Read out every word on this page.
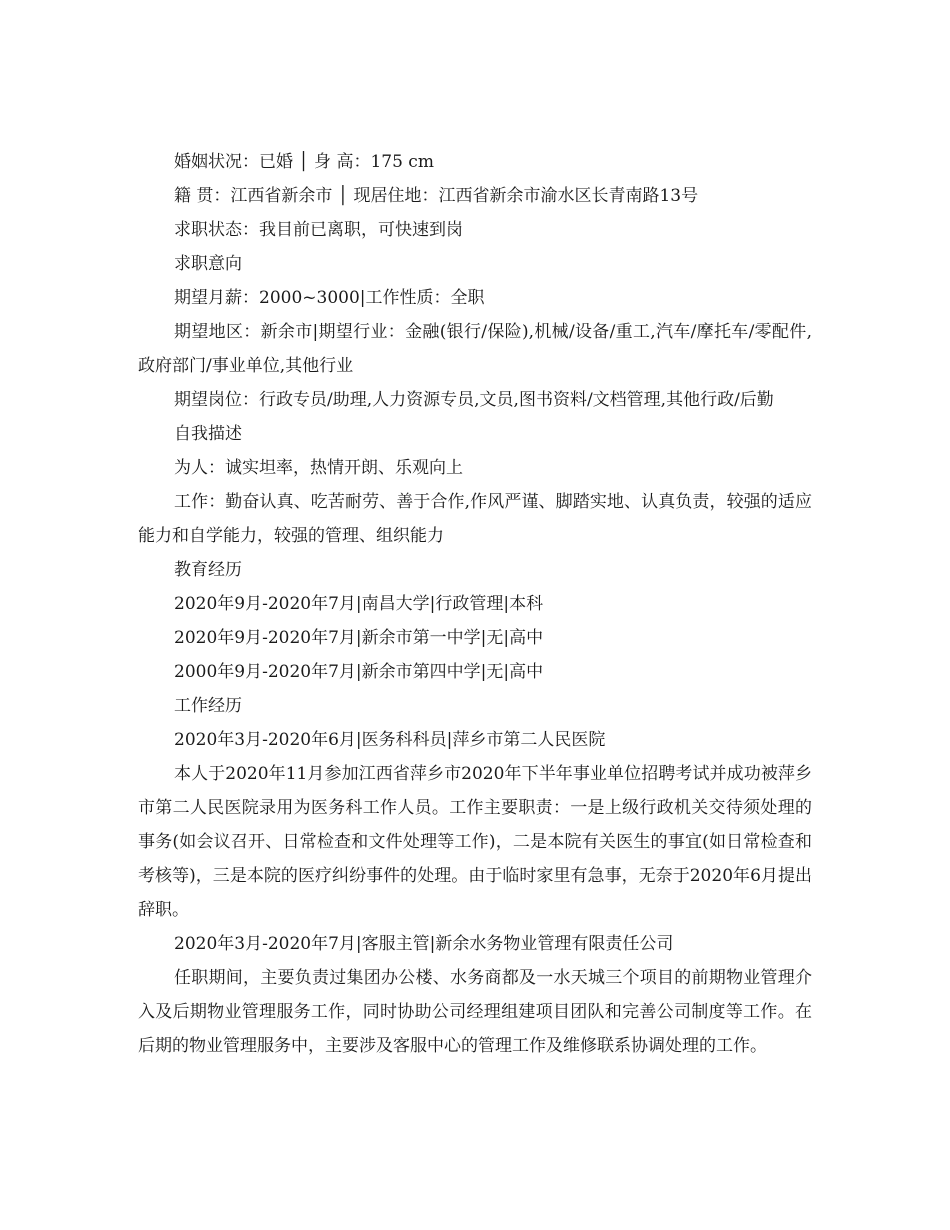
婚姻状况：已婚 │ 身 高：175 cm

籍 贯：江西省新余市 │ 现居住地：江西省新余市渝水区长青南路13号

求职状态：我目前已离职，可快速到岗

求职意向

期望月薪：2000~3000|工作性质：全职

期望地区：新余市|期望行业：金融(银行/保险),机械/设备/重工,汽车/摩托车/零配件,政府部门/事业单位,其他行业

期望岗位：行政专员/助理,人力资源专员,文员,图书资料/文档管理,其他行政/后勤

自我描述

为人：诚实坦率，热情开朗、乐观向上

工作：勤奋认真、吃苦耐劳、善于合作,作风严谨、脚踏实地、认真负责，较强的适应能力和自学能力，较强的管理、组织能力

教育经历

2020年9月-2020年7月|南昌大学|行政管理|本科

2020年9月-2020年7月|新余市第一中学|无|高中

2000年9月-2020年7月|新余市第四中学|无|高中

工作经历

2020年3月-2020年6月|医务科科员|萍乡市第二人民医院

本人于2020年11月参加江西省萍乡市2020年下半年事业单位招聘考试并成功被萍乡市第二人民医院录用为医务科工作人员。工作主要职责：一是上级行政机关交待须处理的事务(如会议召开、日常检查和文件处理等工作)，二是本院有关医生的事宜(如日常检查和考核等)，三是本院的医疗纠纷事件的处理。由于临时家里有急事，无奈于2020年6月提出辞职。

2020年3月-2020年7月|客服主管|新余水务物业管理有限责任公司

任职期间，主要负责过集团办公楼、水务商都及一水天城三个项目的前期物业管理介入及后期物业管理服务工作，同时协助公司经理组建项目团队和完善公司制度等工作。在后期的物业管理服务中，主要涉及客服中心的管理工作及维修联系协调处理的工作。
